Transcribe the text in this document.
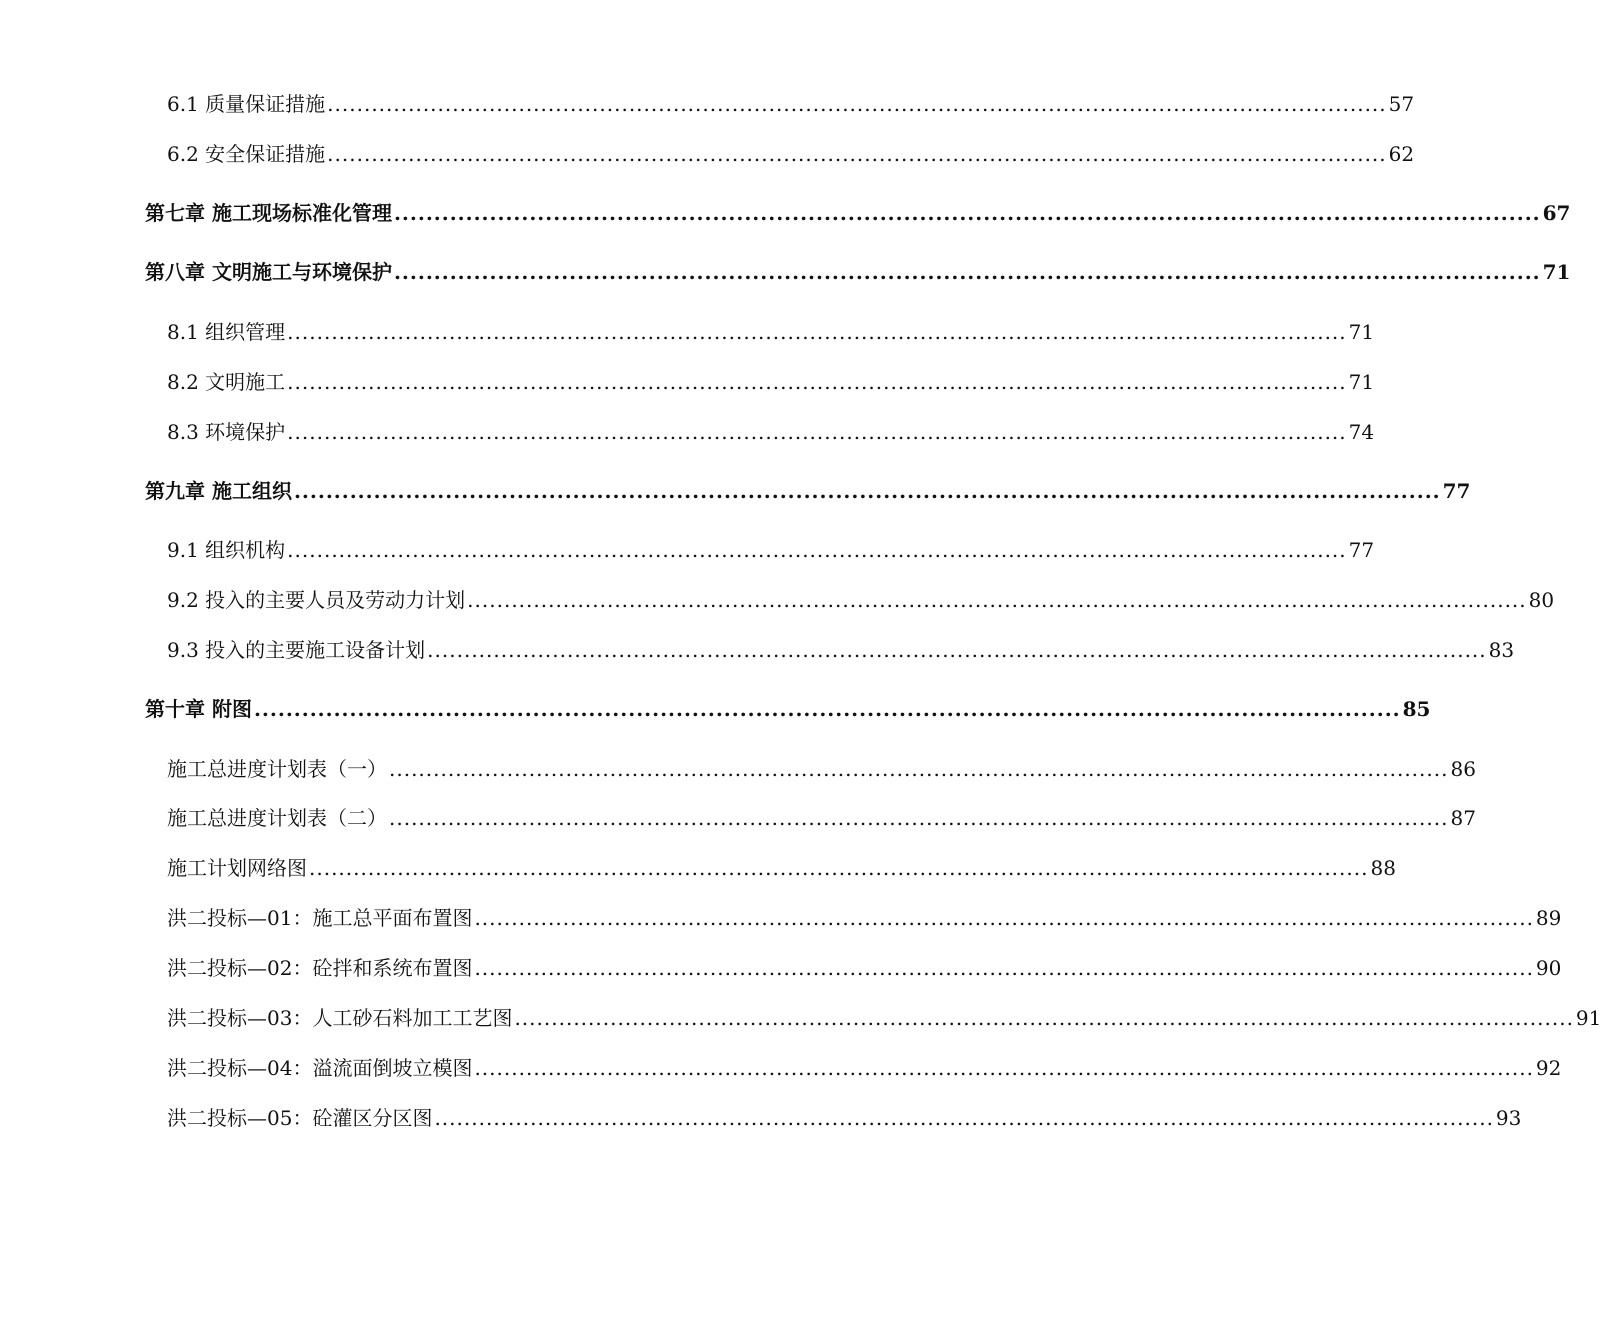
6.1 质量保证措施 ................................................................................................................................................ 57
6.2 安全保证措施 ................................................................................................................................................ 62
第七章 施工现场标准化管理 ................................................................................................................................................ 67
第八章 文明施工与环境保护 ................................................................................................................................................ 71
8.1 组织管理 ................................................................................................................................................ 71
8.2 文明施工 ................................................................................................................................................ 71
8.3 环境保护 ................................................................................................................................................ 74
第九章 施工组织 ................................................................................................................................................ 77
9.1 组织机构 ................................................................................................................................................ 77
9.2 投入的主要人员及劳动力计划 ................................................................................................................................................ 80
9.3 投入的主要施工设备计划 ................................................................................................................................................ 83
第十章 附图 ................................................................................................................................................ 85
施工总进度计划表（一） ................................................................................................................................................ 86
施工总进度计划表（二） ................................................................................................................................................ 87
施工计划网络图 ................................................................................................................................................ 88
洪二投标—01：施工总平面布置图 ................................................................................................................................................ 89
洪二投标—02：砼拌和系统布置图 ................................................................................................................................................ 90
洪二投标—03：人工砂石料加工工艺图 ................................................................................................................................................ 91
洪二投标—04：溢流面倒坡立模图 ................................................................................................................................................ 92
洪二投标—05：砼灌区分区图 ................................................................................................................................................ 93
